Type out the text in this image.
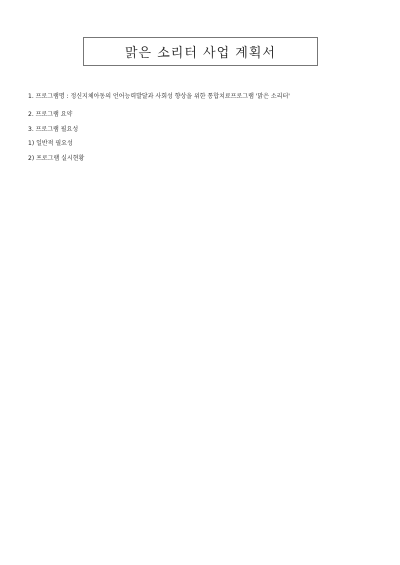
맑은 소리터 사업 계획서

1. 프로그램명 : 정신지체아동의 언어능력발달과 사회성 향상을 위한 통합치료프로그램 '맑은 소리터'

2. 프로그램 요약

3. 프로그램 필요성

1) 일반적 필요성

2) 프로그램 실시현황
